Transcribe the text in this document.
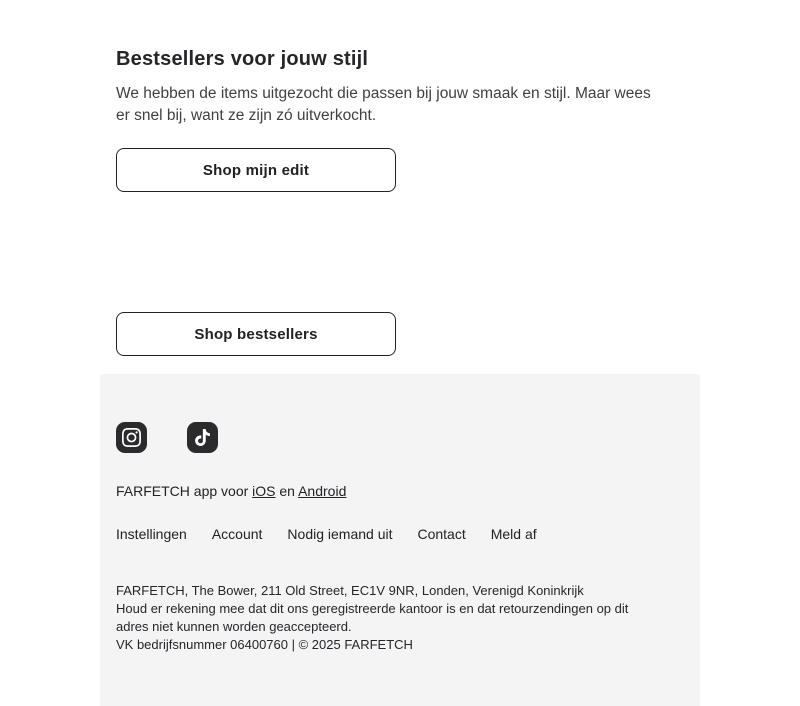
Bestsellers voor jouw stijl

We hebben de items uitgezocht die passen bij jouw smaak en stijl. Maar wees
er snel bij, want ze zijn zó uitverkocht.

Shop mijn edit
Shop bestsellers

FARFETCH app voor iOS en Android

Instellingen Account Nodig iemand uit Contact Meld af
FARFETCH, The Bower, 211 Old Street, EC1V 9NR, Londen, Verenigd Koninkrijk
Houd er rekening mee dat dit ons geregistreerde kantoor is en dat retourzendingen op dit
adres niet kunnen worden geaccepteerd.
VK bedrijfsnummer 06400760 | © 2025 FARFETCH
